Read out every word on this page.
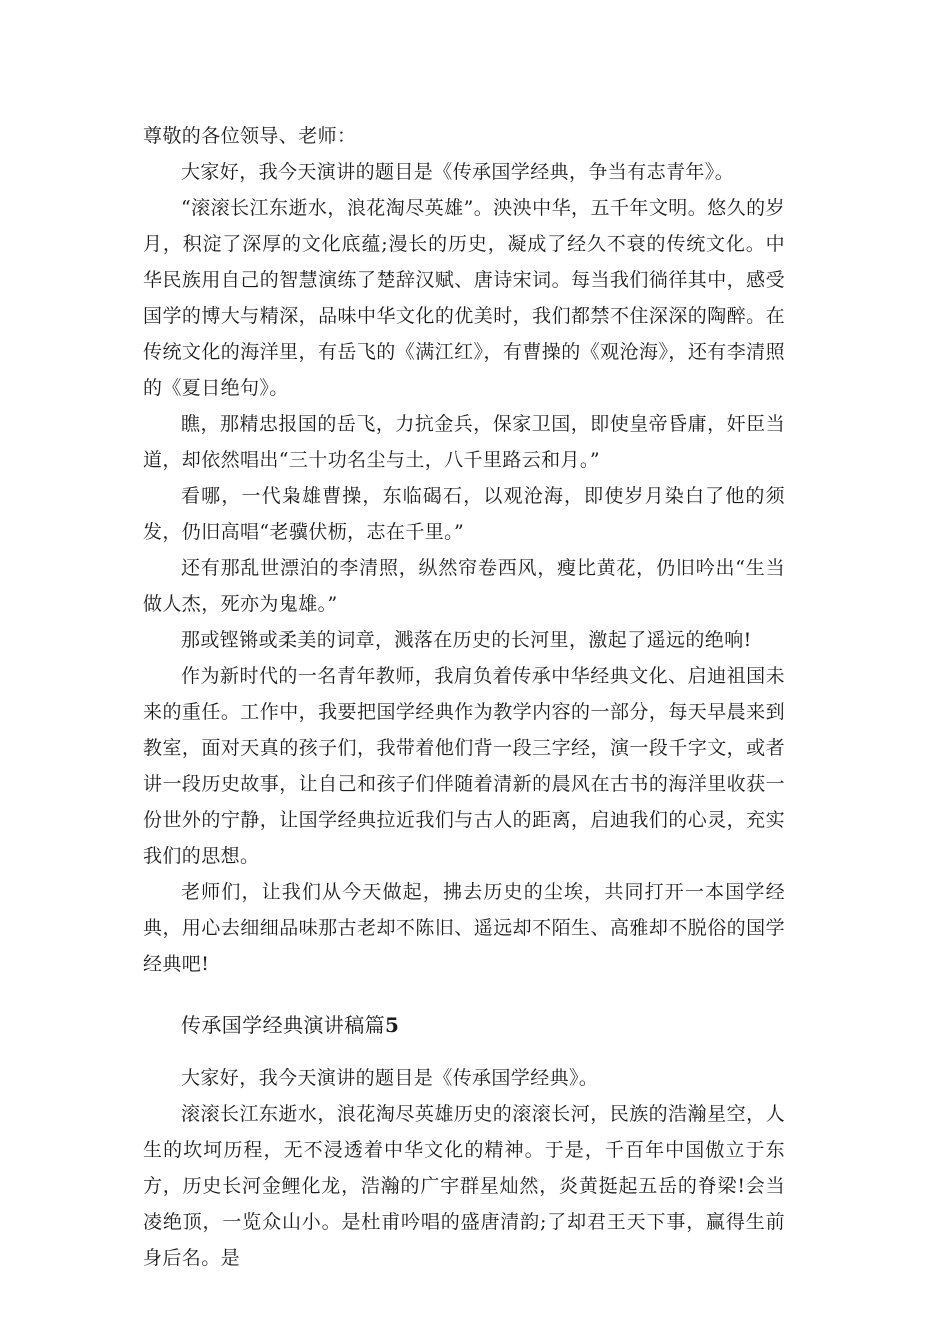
尊敬的各位领导、老师：

大家好，我今天演讲的题目是《传承国学经典，争当有志青年》。

“滚滚长江东逝水，浪花淘尽英雄”。泱泱中华，五千年文明。悠久的岁月，积淀了深厚的文化底蕴;漫长的历史，凝成了经久不衰的传统文化。中华民族用自己的智慧演练了楚辞汉赋、唐诗宋词。每当我们徜徉其中，感受国学的博大与精深，品味中华文化的优美时，我们都禁不住深深的陶醉。在传统文化的海洋里，有岳飞的《满江红》，有曹操的《观沧海》，还有李清照的《夏日绝句》。

瞧，那精忠报国的岳飞，力抗金兵，保家卫国，即使皇帝昏庸，奸臣当道，却依然唱出“三十功名尘与土，八千里路云和月。”

看哪，一代枭雄曹操，东临碣石，以观沧海，即使岁月染白了他的须发，仍旧高唱“老骥伏枥，志在千里。”

还有那乱世漂泊的李清照，纵然帘卷西风，瘦比黄花，仍旧吟出“生当做人杰，死亦为鬼雄。”

那或铿锵或柔美的词章，溅落在历史的长河里，激起了遥远的绝响!

作为新时代的一名青年教师，我肩负着传承中华经典文化、启迪祖国未来的重任。工作中，我要把国学经典作为教学内容的一部分，每天早晨来到教室，面对天真的孩子们，我带着他们背一段三字经，演一段千字文，或者讲一段历史故事，让自己和孩子们伴随着清新的晨风在古书的海洋里收获一份世外的宁静，让国学经典拉近我们与古人的距离，启迪我们的心灵，充实我们的思想。

老师们，让我们从今天做起，拂去历史的尘埃，共同打开一本国学经典，用心去细细品味那古老却不陈旧、遥远却不陌生、高雅却不脱俗的国学经典吧!

传承国学经典演讲稿篇5

大家好，我今天演讲的题目是《传承国学经典》。

滚滚长江东逝水，浪花淘尽英雄历史的滚滚长河，民族的浩瀚星空，人生的坎坷历程，无不浸透着中华文化的精神。于是，千百年中国傲立于东方，历史长河金鲤化龙，浩瀚的广宇群星灿然，炎黄挺起五岳的脊梁!会当凌绝顶，一览众山小。是杜甫吟唱的盛唐清韵;了却君王天下事，赢得生前身后名。是
